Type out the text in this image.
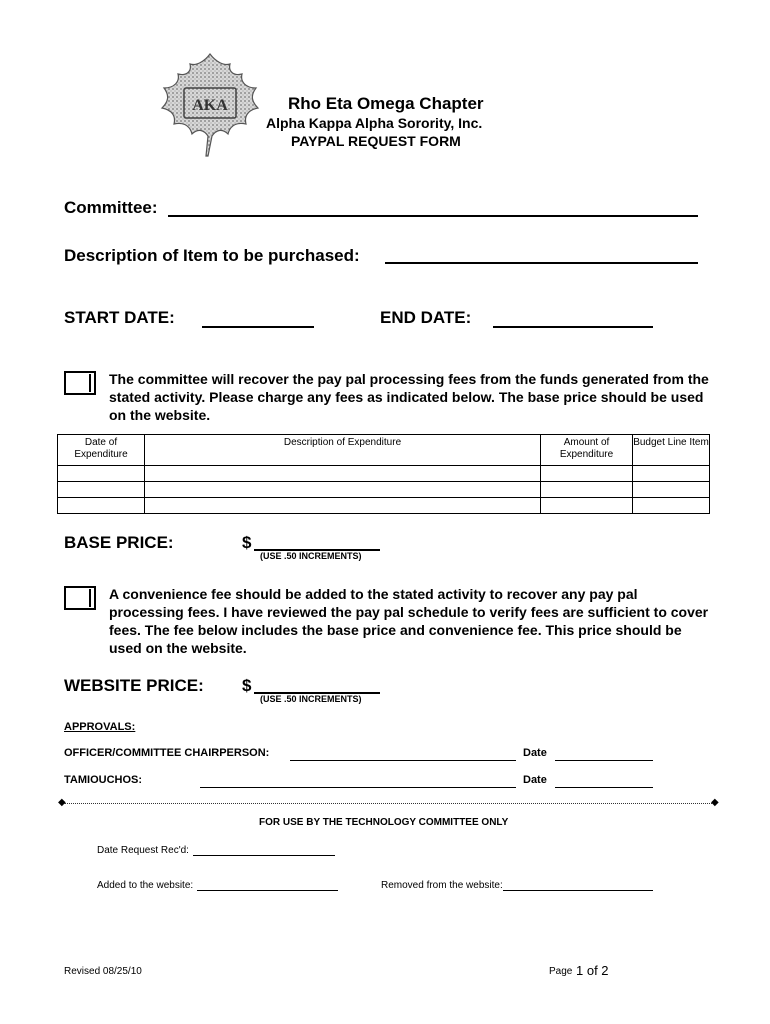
ΑΚΑ	Rho Eta Omega Chapter
Alpha Kappa Alpha Sorority, Inc.
PAYPAL REQUEST FORM
Committee:
Description of Item to be purchased:
START DATE:	END DATE:
The committee will recover the pay pal processing fees from the funds generated from the stated activity. Please charge any fees as indicated below. The base price should be used on the website.
Date of Expenditure	Description of Expenditure	Amount of Expenditure	Budget Line Item

BASE PRICE:	$
(USE .50 INCREMENTS)
A convenience fee should be added to the stated activity to recover any pay pal processing fees. I have reviewed the pay pal schedule to verify fees are sufficient to cover fees. The fee below includes the base price and convenience fee. This price should be used on the website.
WEBSITE PRICE: $
(USE .50 INCREMENTS)
APPROVALS:
OFFICER/COMMITTEE CHAIRPERSON:	Date
TAMIOUCHOS:	Date
◆	◆
FOR USE BY THE TECHNOLOGY COMMITTEE ONLY
Date Request Rec'd:
Added to the website:	Removed from the website:
Revised 08/25/10	Page 1 of 2
